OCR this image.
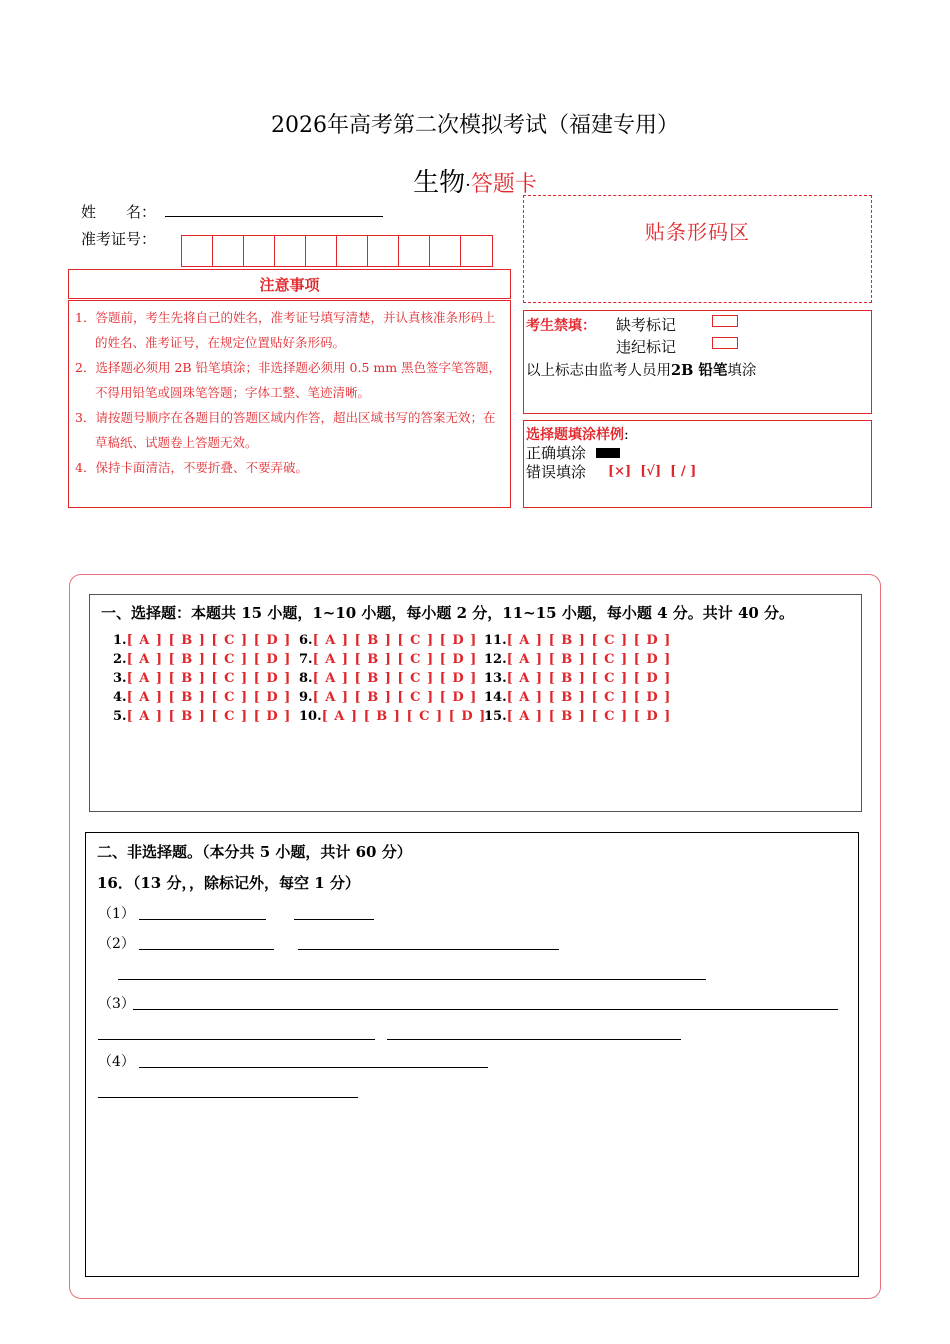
2026年高考第二次模拟考试（福建专用）
生物·答题卡
姓　　名：
准考证号：
注意事项
1．答题前，考生先将自己的姓名，准考证号填写清楚，并认真核准条形码上的姓名、准考证号，在规定位置贴好条形码。
2．选择题必须用 2B 铅笔填涂；非选择题必须用 0.5 mm 黑色签字笔答题，不得用铅笔或圆珠笔答题；字体工整、笔迹清晰。
3．请按题号顺序在各题目的答题区域内作答，超出区域书写的答案无效；在草稿纸、试题卷上答题无效。
4．保持卡面清洁，不要折叠、不要弄破。
贴条形码区
考生禁填： 缺考标记
违纪标记
以上标志由监考人员用2B 铅笔填涂
选择题填涂样例:
正确填涂
错误填涂 [×]  [√]  [ / ]
一、选择题：本题共 15 小题，1~10 小题，每小题 2 分，11~15 小题，每小题 4 分。共计 40 分。
1.[ A ] [ B ] [ C ] [ D ]
2.[ A ] [ B ] [ C ] [ D ]
3.[ A ] [ B ] [ C ] [ D ]
4.[ A ] [ B ] [ C ] [ D ]
5.[ A ] [ B ] [ C ] [ D ]
6.[ A ] [ B ] [ C ] [ D ]
7.[ A ] [ B ] [ C ] [ D ]
8.[ A ] [ B ] [ C ] [ D ]
9.[ A ] [ B ] [ C ] [ D ]
10.[ A ] [ B ] [ C ] [ D ]
11.[ A ] [ B ] [ C ] [ D ]
12.[ A ] [ B ] [ C ] [ D ]
13.[ A ] [ B ] [ C ] [ D ]
14.[ A ] [ B ] [ C ] [ D ]
15.[ A ] [ B ] [ C ] [ D ]
二、非选择题。（本分共 5 小题，共计 60 分）
16．（13 分，，除标记外，每空 1 分）
（1）
（2）
（3）
（4）
